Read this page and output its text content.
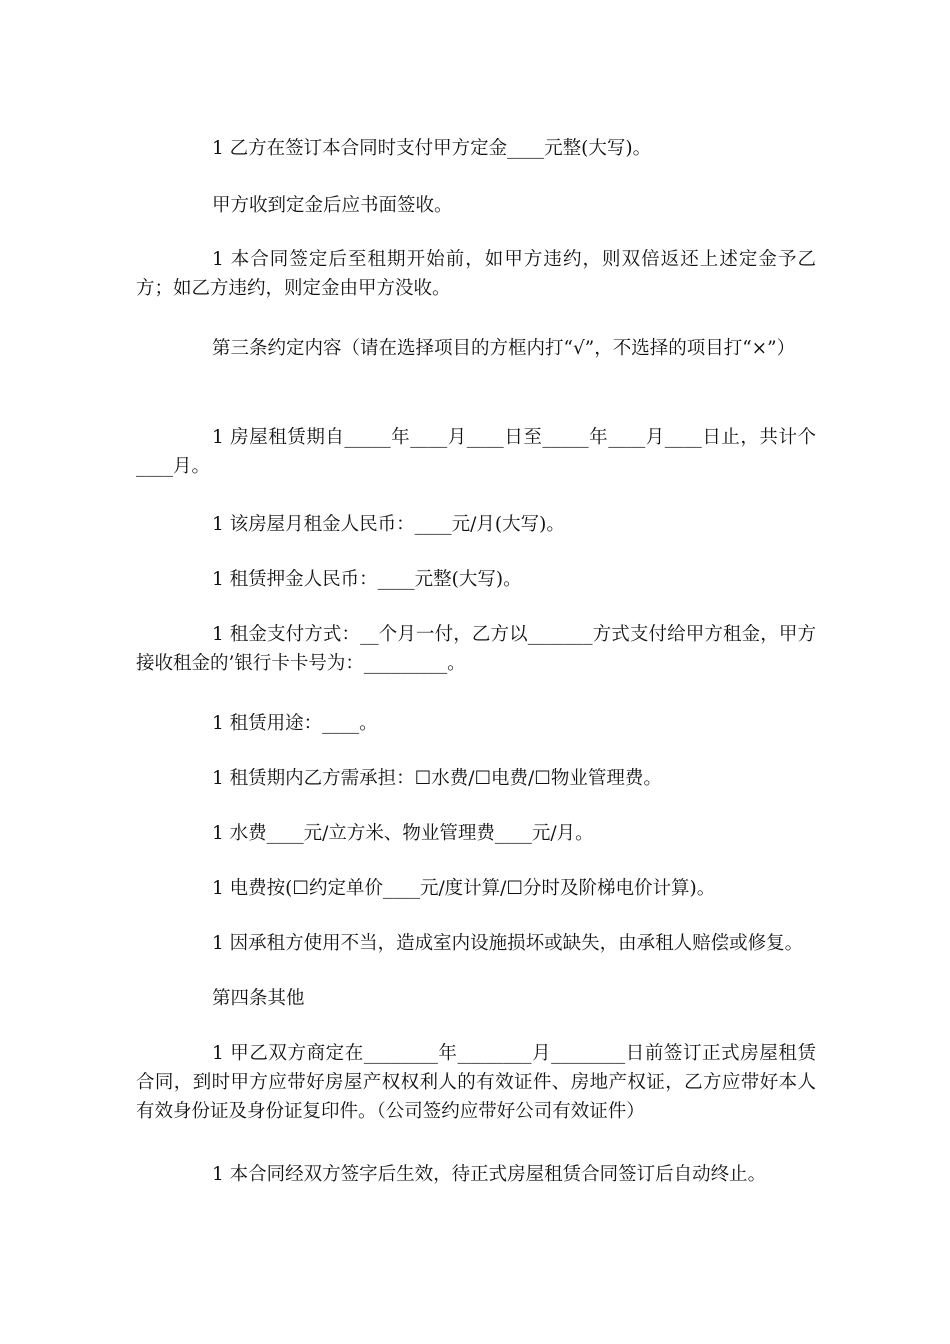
1 乙方在签订本合同时支付甲方定金____元整(大写)。

甲方收到定金后应书面签收。

1 本合同签定后至租期开始前，如甲方违约，则双倍返还上述定金予乙方；如乙方违约，则定金由甲方没收。

第三条约定内容（请在选择项目的方框内打“√”，不选择的项目打“×”）

1 房屋租赁期自_____年____月____日至_____年____月____日止，共计个____月。

1 该房屋月租金人民币：____元/月(大写)。

1 租赁押金人民币：____元整(大写)。

1 租金支付方式：__个月一付，乙方以_______方式支付给甲方租金，甲方接收租金的’银行卡卡号为：_________。

1 租赁用途：____。

1 租赁期内乙方需承担：☐水费/☐电费/☐物业管理费。

1 水费____元/立方米、物业管理费____元/月。

1 电费按(☐约定单价____元/度计算/☐分时及阶梯电价计算)。

1 因承租方使用不当，造成室内设施损坏或缺失，由承租人赔偿或修复。

第四条其他

1 甲乙双方商定在________年________月________日前签订正式房屋租赁合同，到时甲方应带好房屋产权权利人的有效证件、房地产权证，乙方应带好本人有效身份证及身份证复印件。（公司签约应带好公司有效证件）

1 本合同经双方签字后生效，待正式房屋租赁合同签订后自动终止。
